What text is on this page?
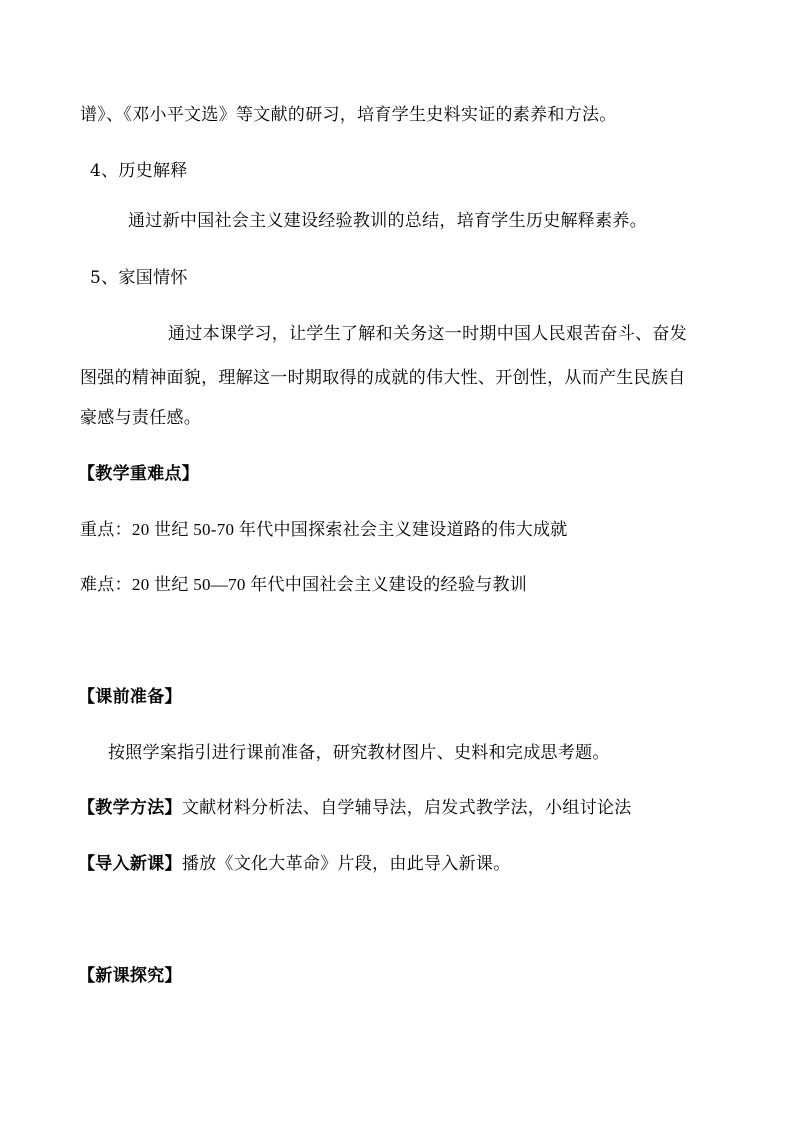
谱》、《邓小平文选》等文献的研习，培育学生史料实证的素养和方法。
4、历史解释
通过新中国社会主义建设经验教训的总结，培育学生历史解释素养。
5、家国情怀
通过本课学习，让学生了解和关务这一时期中国人民艰苦奋斗、奋发
图强的精神面貌，理解这一时期取得的成就的伟大性、开创性，从而产生民族自
豪感与责任感。
【教学重难点】
重点：20 世纪 50-70 年代中国探索社会主义建设道路的伟大成就
难点：20 世纪 50—70 年代中国社会主义建设的经验与教训
【课前准备】
按照学案指引进行课前准备，研究教材图片、史料和完成思考题。
【教学方法】文献材料分析法、自学辅导法，启发式教学法，小组讨论法
【导入新课】播放《文化大革命》片段，由此导入新课。
【新课探究】
